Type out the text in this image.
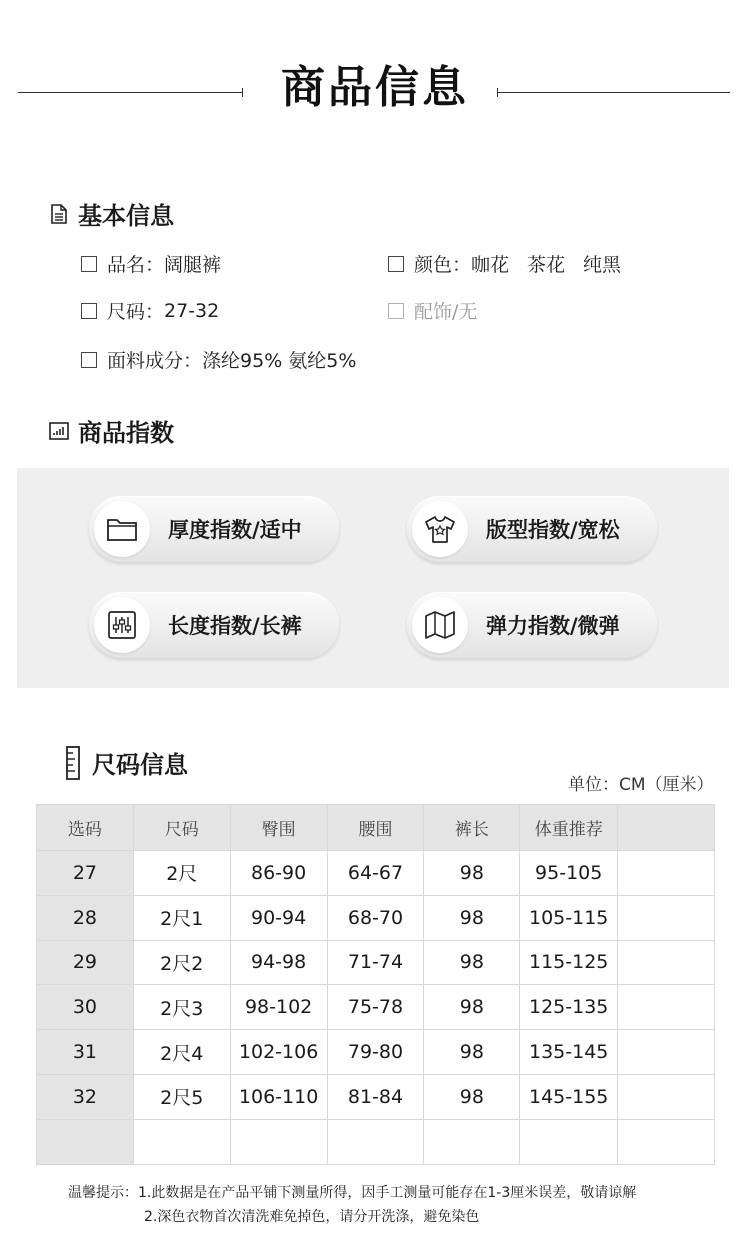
商品信息
基本信息
品名： 阔腿裤	颜色： 咖花 茶花 纯黑
尺码： 27-32	配饰/无
面料成分： 涤纶95% 氨纶5%
商品指数
厚度指数/适中	版型指数/宽松
长度指数/长裤	弹力指数/微弹
尺码信息
单位：CM（厘米）
选码	尺码	臀围	腰围	裤长	体重推荐	
27	2尺	86-90	64-67	98	95-105	
28	2尺1	90-94	68-70	98	105-115	
29	2尺2	94-98	71-74	98	115-125	
30	2尺3	98-102	75-78	98	125-135	
31	2尺4	102-106	79-80	98	135-145	
32	2尺5	106-110	81-84	98	145-155	

温馨提示：1.此数据是在产品平铺下测量所得，因手工测量可能存在1-3厘米误差，敬请谅解
2.深色衣物首次清洗难免掉色，请分开洗涤，避免染色
